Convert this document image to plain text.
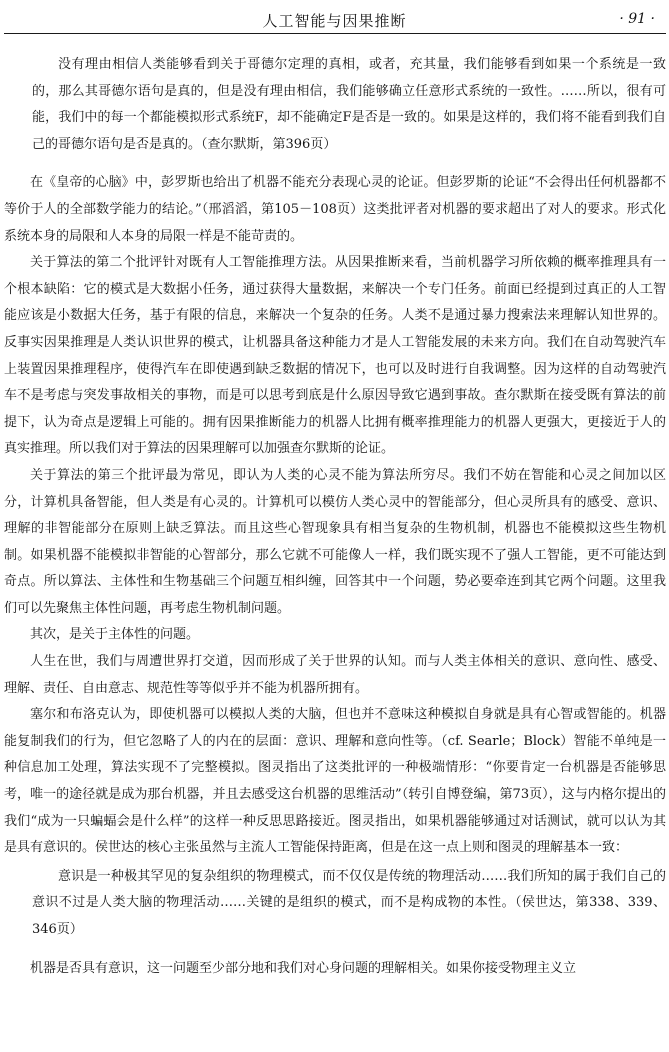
人工智能与因果推断	· 91 ·

没有理由相信人类能够看到关于哥德尔定理的真相，或者，充其量，我们能够看到如果一个系统是一致的，那么其哥德尔语句是真的，但是没有理由相信，我们能够确立任意形式系统的一致性。……所以，很有可能，我们中的每一个都能模拟形式系统F，却不能确定F是否是一致的。如果是这样的，我们将不能看到我们自己的哥德尔语句是否是真的。（查尔默斯，第396页）

在《皇帝的心脑》中，彭罗斯也给出了机器不能充分表现心灵的论证。但彭罗斯的论证“不会得出任何机器都不等价于人的全部数学能力的结论。”（邢滔滔，第105－108页）这类批评者对机器的要求超出了对人的要求。形式化系统本身的局限和人本身的局限一样是不能苛责的。

关于算法的第二个批评针对既有人工智能推理方法。从因果推断来看，当前机器学习所依赖的概率推理具有一个根本缺陷：它的模式是大数据小任务，通过获得大量数据，来解决一个专门任务。前面已经提到过真正的人工智能应该是小数据大任务，基于有限的信息，来解决一个复杂的任务。人类不是通过暴力搜索法来理解认知世界的。反事实因果推理是人类认识世界的模式，让机器具备这种能力才是人工智能发展的未来方向。我们在自动驾驶汽车上装置因果推理程序，使得汽车在即使遇到缺乏数据的情况下，也可以及时进行自我调整。因为这样的自动驾驶汽车不是考虑与突发事故相关的事物，而是可以思考到底是什么原因导致它遇到事故。查尔默斯在接受既有算法的前提下，认为奇点是逻辑上可能的。拥有因果推断能力的机器人比拥有概率推理能力的机器人更强大，更接近于人的真实推理。所以我们对于算法的因果理解可以加强查尔默斯的论证。

关于算法的第三个批评最为常见，即认为人类的心灵不能为算法所穷尽。我们不妨在智能和心灵之间加以区分，计算机具备智能，但人类是有心灵的。计算机可以模仿人类心灵中的智能部分，但心灵所具有的感受、意识、理解的非智能部分在原则上缺乏算法。而且这些心智现象具有相当复杂的生物机制，机器也不能模拟这些生物机制。如果机器不能模拟非智能的心智部分，那么它就不可能像人一样，我们既实现不了强人工智能，更不可能达到奇点。所以算法、主体性和生物基础三个问题互相纠缠，回答其中一个问题，势必要牵连到其它两个问题。这里我们可以先聚焦主体性问题，再考虑生物机制问题。

其次，是关于主体性的问题。

人生在世，我们与周遭世界打交道，因而形成了关于世界的认知。而与人类主体相关的意识、意向性、感受、理解、责任、自由意志、规范性等等似乎并不能为机器所拥有。

塞尔和布洛克认为，即使机器可以模拟人类的大脑，但也并不意味这种模拟自身就是具有心智或智能的。机器能复制我们的行为，但它忽略了人的内在的层面：意识、理解和意向性等。（cf. Searle；Block）智能不单纯是一种信息加工处理，算法实现不了完整模拟。图灵指出了这类批评的一种极端情形：“你要肯定一台机器是否能够思考，唯一的途径就是成为那台机器，并且去感受这台机器的思维活动”（转引自博登编，第73页），这与内格尔提出的我们“成为一只蝙蝠会是什么样”的这样一种反思思路接近。图灵指出，如果机器能够通过对话测试，就可以认为其是具有意识的。侯世达的核心主张虽然与主流人工智能保持距离，但是在这一点上则和图灵的理解基本一致：

意识是一种极其罕见的复杂组织的物理模式，而不仅仅是传统的物理活动……我们所知的属于我们自己的意识不过是人类大脑的物理活动……关键的是组织的模式，而不是构成物的本性。（侯世达，第338、339、346页）

机器是否具有意识，这一问题至少部分地和我们对心身问题的理解相关。如果你接受物理主义立
